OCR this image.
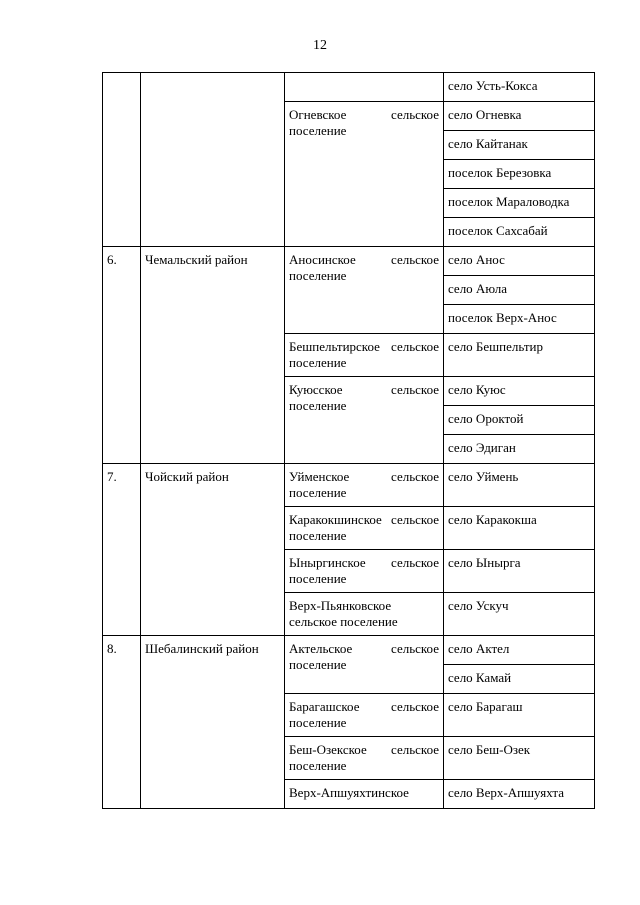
12
			село Усть-Кокса
		Огневское сельское поселение	село Огневка
			село Кайтанак
			поселок Березовка
			поселок Мараловодка
			поселок Сахсабай
6.	Чемальский район	Аносинское сельское поселение	село Анос
			село Аюла
			поселок Верх-Анос
		Бешпельтирское сельское поселение	село Бешпельтир
		Куюсское сельское поселение	село Куюс
			село Ороктой
			село Эдиган
7.	Чойский район	Уйменское сельское поселение	село Уймень
		Каракокшинское сельское поселение	село Каракокша
		Ыныргинское сельское поселение	село Ынырга
		Верх-Пьянковское сельское поселение	село Ускуч
8.	Шебалинский район	Актельское сельское поселение	село Актел
			село Камай
		Барагашское сельское поселение	село Барагаш
		Беш-Озекское сельское поселение	село Беш-Озек
		Верх-Апшуяхтинское	село Верх-Апшуяхта
